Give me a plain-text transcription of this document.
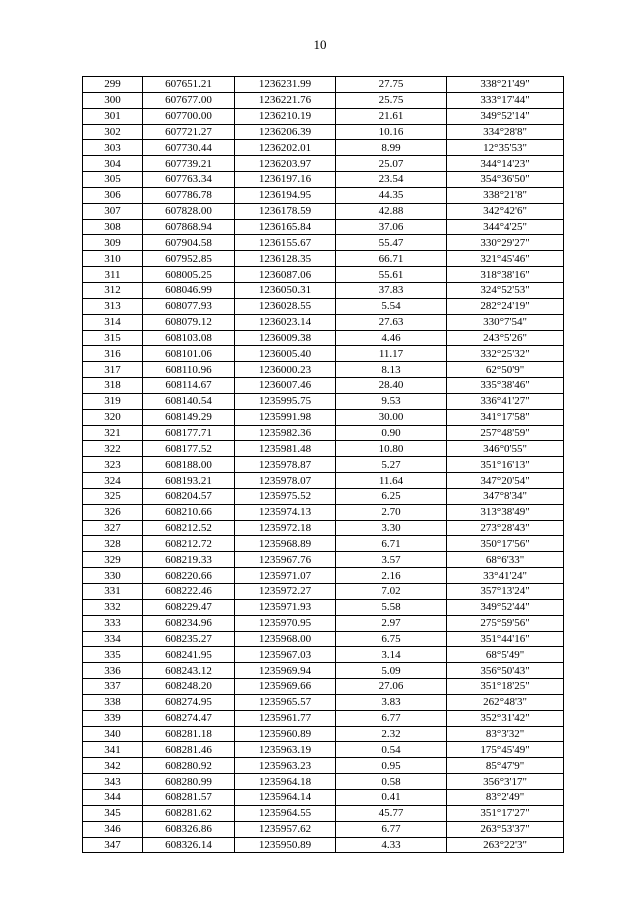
10
299	607651.21	1236231.99	27.75	338°21'49"
300	607677.00	1236221.76	25.75	333°17'44"
301	607700.00	1236210.19	21.61	349°52'14"
302	607721.27	1236206.39	10.16	334°28'8"
303	607730.44	1236202.01	8.99	12°35'53"
304	607739.21	1236203.97	25.07	344°14'23"
305	607763.34	1236197.16	23.54	354°36'50"
306	607786.78	1236194.95	44.35	338°21'8"
307	607828.00	1236178.59	42.88	342°42'6"
308	607868.94	1236165.84	37.06	344°4'25"
309	607904.58	1236155.67	55.47	330°29'27"
310	607952.85	1236128.35	66.71	321°45'46"
311	608005.25	1236087.06	55.61	318°38'16"
312	608046.99	1236050.31	37.83	324°52'53"
313	608077.93	1236028.55	5.54	282°24'19"
314	608079.12	1236023.14	27.63	330°7'54"
315	608103.08	1236009.38	4.46	243°5'26"
316	608101.06	1236005.40	11.17	332°25'32"
317	608110.96	1236000.23	8.13	62°50'9"
318	608114.67	1236007.46	28.40	335°38'46"
319	608140.54	1235995.75	9.53	336°41'27"
320	608149.29	1235991.98	30.00	341°17'58"
321	608177.71	1235982.36	0.90	257°48'59"
322	608177.52	1235981.48	10.80	346°0'55"
323	608188.00	1235978.87	5.27	351°16'13"
324	608193.21	1235978.07	11.64	347°20'54"
325	608204.57	1235975.52	6.25	347°8'34"
326	608210.66	1235974.13	2.70	313°38'49"
327	608212.52	1235972.18	3.30	273°28'43"
328	608212.72	1235968.89	6.71	350°17'56"
329	608219.33	1235967.76	3.57	68°6'33"
330	608220.66	1235971.07	2.16	33°41'24"
331	608222.46	1235972.27	7.02	357°13'24"
332	608229.47	1235971.93	5.58	349°52'44"
333	608234.96	1235970.95	2.97	275°59'56"
334	608235.27	1235968.00	6.75	351°44'16"
335	608241.95	1235967.03	3.14	68°5'49"
336	608243.12	1235969.94	5.09	356°50'43"
337	608248.20	1235969.66	27.06	351°18'25"
338	608274.95	1235965.57	3.83	262°48'3"
339	608274.47	1235961.77	6.77	352°31'42"
340	608281.18	1235960.89	2.32	83°3'32"
341	608281.46	1235963.19	0.54	175°45'49"
342	608280.92	1235963.23	0.95	85°47'9"
343	608280.99	1235964.18	0.58	356°3'17"
344	608281.57	1235964.14	0.41	83°2'49"
345	608281.62	1235964.55	45.77	351°17'27"
346	608326.86	1235957.62	6.77	263°53'37"
347	608326.14	1235950.89	4.33	263°22'3"
